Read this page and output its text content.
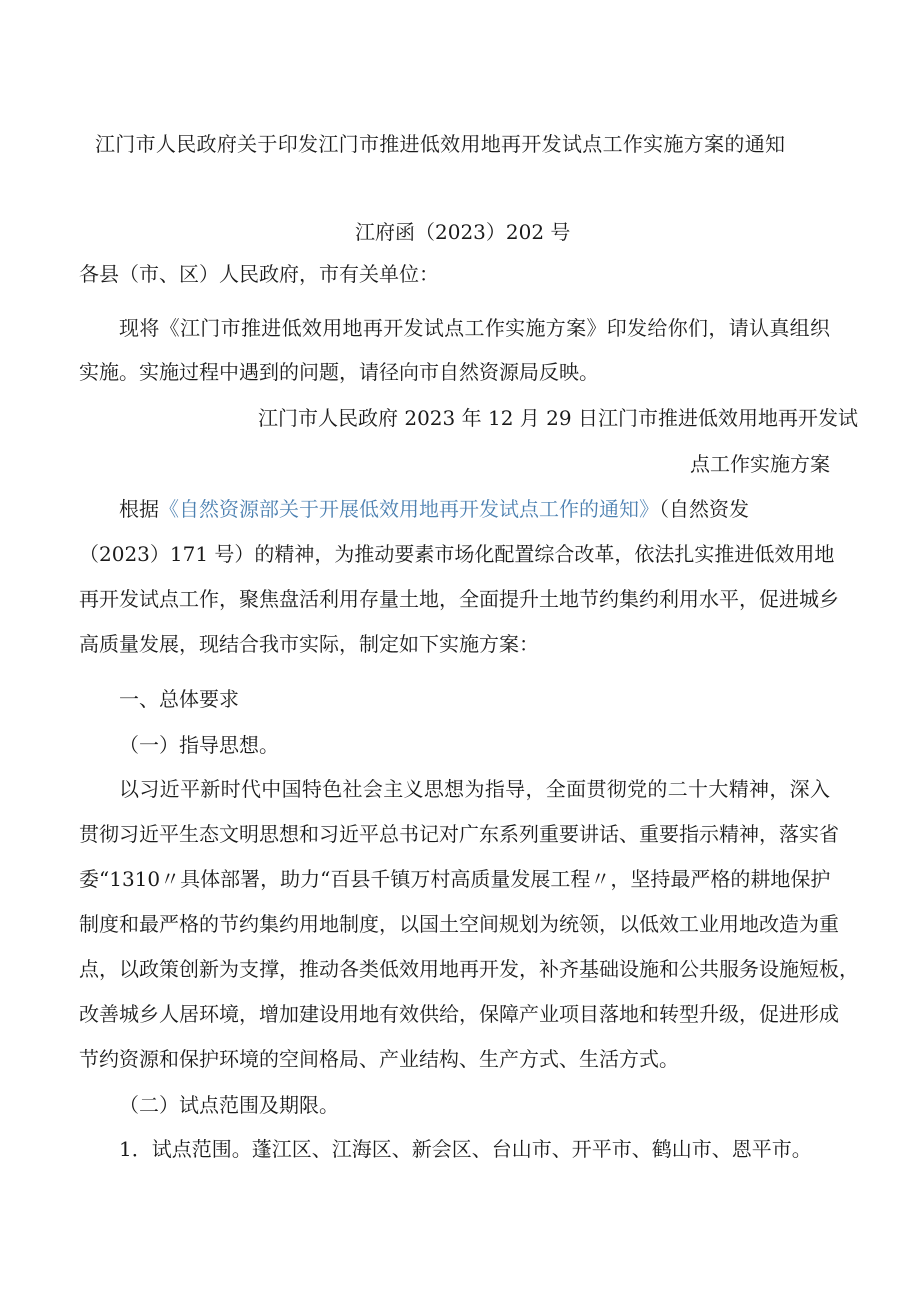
江门市人民政府关于印发江门市推进低效用地再开发试点工作实施方案的通知

江府函（2023）202 号

各县（市、区）人民政府，市有关单位：

现将《江门市推进低效用地再开发试点工作实施方案》印发给你们，请认真组织

实施。实施过程中遇到的问题，请径向市自然资源局反映。

江门市人民政府 2023 年 12 月 29 日江门市推进低效用地再开发试

点工作实施方案

根据《自然资源部关于开展低效用地再开发试点工作的通知》（自然资发

（2023）171 号）的精神，为推动要素市场化配置综合改革，依法扎实推进低效用地

再开发试点工作，聚焦盘活利用存量土地，全面提升土地节约集约利用水平，促进城乡

高质量发展，现结合我市实际，制定如下实施方案：

一、总体要求

（一）指导思想。

以习近平新时代中国特色社会主义思想为指导，全面贯彻党的二十大精神，深入

贯彻习近平生态文明思想和习近平总书记对广东系列重要讲话、重要指示精神，落实省

委“1310〃具体部署，助力“百县千镇万村高质量发展工程〃，坚持最严格的耕地保护

制度和最严格的节约集约用地制度，以国土空间规划为统领，以低效工业用地改造为重

点，以政策创新为支撑，推动各类低效用地再开发，补齐基础设施和公共服务设施短板，

改善城乡人居环境，增加建设用地有效供给，保障产业项目落地和转型升级，促进形成

节约资源和保护环境的空间格局、产业结构、生产方式、生活方式。

（二）试点范围及期限。

1．试点范围。蓬江区、江海区、新会区、台山市、开平市、鹤山市、恩平市。
